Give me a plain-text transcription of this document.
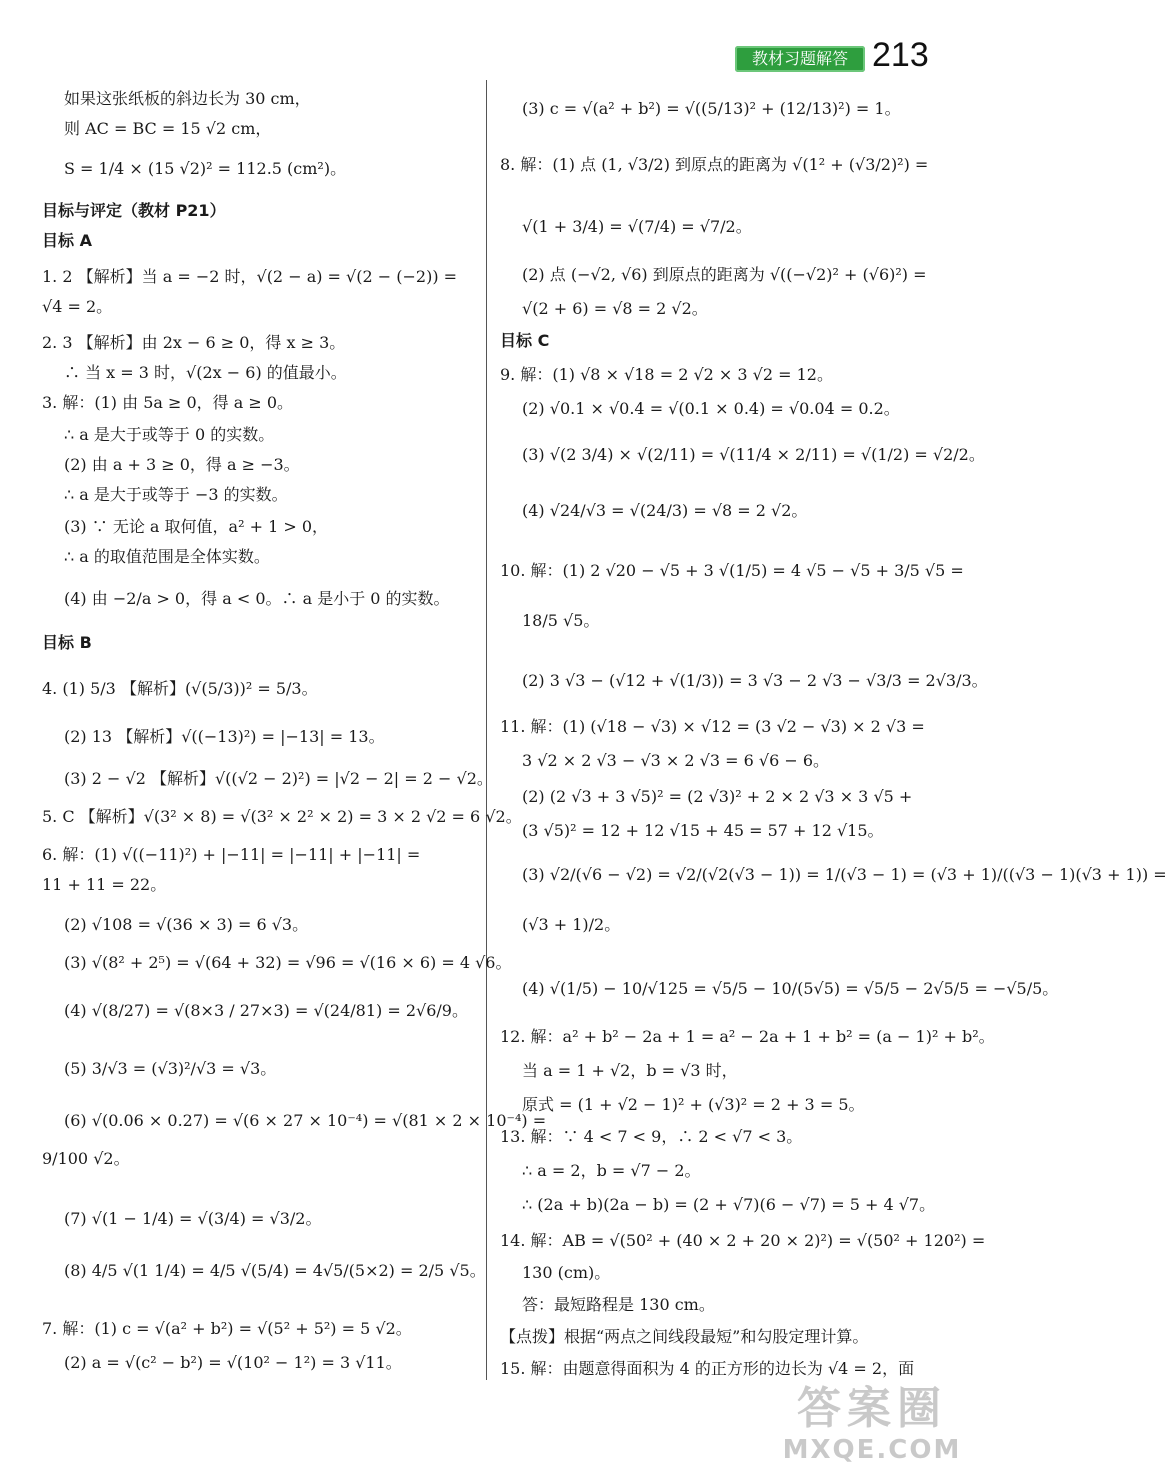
教材习题解答 213
如果这张纸板的斜边长为 30 cm，
则 AC = BC = 15 √2 cm，
S = 1/4 × (15 √2)² = 112.5 (cm²)。
目标与评定（教材 P21）
目标 A
1. 2 【解析】当 a = −2 时，√(2 − a) = √(2 − (−2)) =
√4 = 2。
2. 3 【解析】由 2x − 6 ≥ 0，得 x ≥ 3。
∴ 当 x = 3 时，√(2x − 6) 的值最小。
3. 解：(1) 由 5a ≥ 0，得 a ≥ 0。
∴ a 是大于或等于 0 的实数。
(2) 由 a + 3 ≥ 0，得 a ≥ −3。
∴ a 是大于或等于 −3 的实数。
(3) ∵ 无论 a 取何值，a² + 1 > 0，
∴ a 的取值范围是全体实数。
(4) 由 −2/a > 0，得 a < 0。∴ a 是小于 0 的实数。
目标 B
4. (1) 5/3 【解析】(√(5/3))² = 5/3。
(2) 13 【解析】√((−13)²) = |−13| = 13。
(3) 2 − √2 【解析】√((√2 − 2)²) = |√2 − 2| = 2 − √2。
5. C 【解析】√(3² × 8) = √(3² × 2² × 2) = 3 × 2 √2 = 6 √2。
6. 解：(1) √((−11)²) + |−11| = |−11| + |−11| =
11 + 11 = 22。
(2) √108 = √(36 × 3) = 6 √3。
(3) √(8² + 2⁵) = √(64 + 32) = √96 = √(16 × 6) = 4 √6。
(4) √(8/27) = √(8×3 / 27×3) = √(24/81) = 2√6/9。
(5) 3/√3 = (√3)²/√3 = √3。
(6) √(0.06 × 0.27) = √(6 × 27 × 10⁻⁴) = √(81 × 2 × 10⁻⁴) =
9/100 √2。
(7) √(1 − 1/4) = √(3/4) = √3/2。
(8) 4/5 √(1 1/4) = 4/5 √(5/4) = 4√5/(5×2) = 2/5 √5。
7. 解：(1) c = √(a² + b²) = √(5² + 5²) = 5 √2。
(2) a = √(c² − b²) = √(10² − 1²) = 3 √11。
(3) c = √(a² + b²) = √((5/13)² + (12/13)²) = 1。
8. 解：(1) 点 (1, √3/2) 到原点的距离为 √(1² + (√3/2)²) =
√(1 + 3/4) = √(7/4) = √7/2。
(2) 点 (−√2, √6) 到原点的距离为 √((−√2)² + (√6)²) =
√(2 + 6) = √8 = 2 √2。
目标 C
9. 解：(1) √8 × √18 = 2 √2 × 3 √2 = 12。
(2) √0.1 × √0.4 = √(0.1 × 0.4) = √0.04 = 0.2。
(3) √(2 3/4) × √(2/11) = √(11/4 × 2/11) = √(1/2) = √2/2。
(4) √24/√3 = √(24/3) = √8 = 2 √2。
10. 解：(1) 2 √20 − √5 + 3 √(1/5) = 4 √5 − √5 + 3/5 √5 =
18/5 √5。
(2) 3 √3 − (√12 + √(1/3)) = 3 √3 − 2 √3 − √3/3 = 2√3/3。
11. 解：(1) (√18 − √3) × √12 = (3 √2 − √3) × 2 √3 =
3 √2 × 2 √3 − √3 × 2 √3 = 6 √6 − 6。
(2) (2 √3 + 3 √5)² = (2 √3)² + 2 × 2 √3 × 3 √5 +
(3 √5)² = 12 + 12 √15 + 45 = 57 + 12 √15。
(3) √2/(√6 − √2) = √2/(√2(√3 − 1)) = 1/(√3 − 1) = (√3 + 1)/((√3 − 1)(√3 + 1)) =
(√3 + 1)/2。
(4) √(1/5) − 10/√125 = √5/5 − 10/(5√5) = √5/5 − 2√5/5 = −√5/5。
12. 解：a² + b² − 2a + 1 = a² − 2a + 1 + b² = (a − 1)² + b²。
当 a = 1 + √2，b = √3 时，
原式 = (1 + √2 − 1)² + (√3)² = 2 + 3 = 5。
13. 解：∵ 4 < 7 < 9，∴ 2 < √7 < 3。
∴ a = 2，b = √7 − 2。
∴ (2a + b)(2a − b) = (2 + √7)(6 − √7) = 5 + 4 √7。
14. 解：AB = √(50² + (40 × 2 + 20 × 2)²) = √(50² + 120²) =
130 (cm)。
答：最短路程是 130 cm。
【点拨】根据“两点之间线段最短”和勾股定理计算。
15. 解：由题意得面积为 4 的正方形的边长为 √4 = 2，面
答案圈
MXQE.COM
